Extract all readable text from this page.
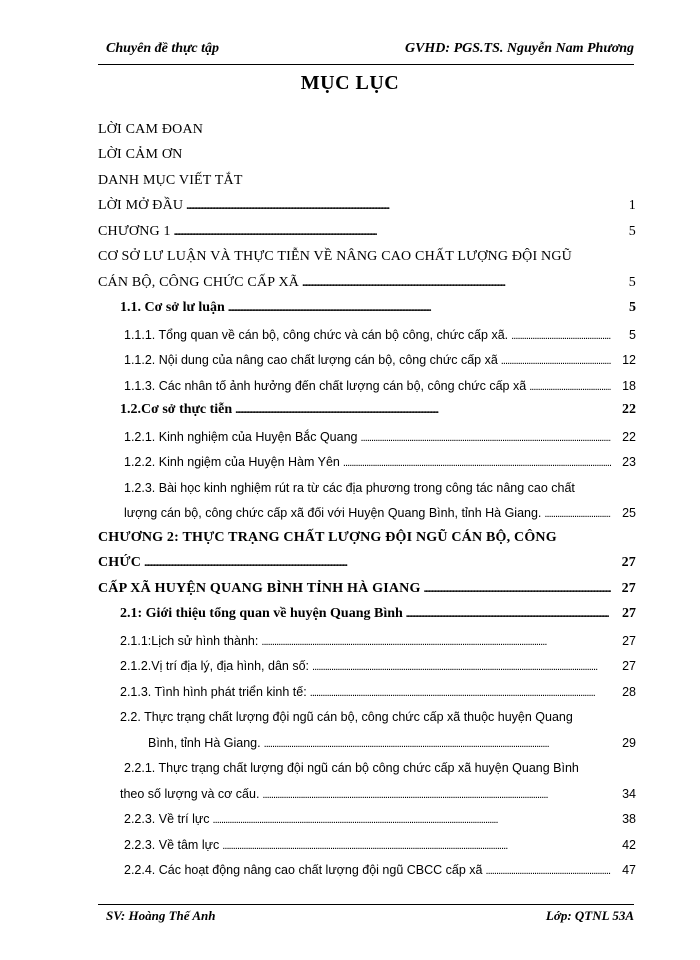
Chuyên đề thực tập	GVHD: PGS.TS. Nguyễn Nam Phương
MỤC LỤC
LỜI CAM ĐOAN
LỜI CẢM ƠN
DANH MỤC VIẾT TẮT
LỜI MỞ ĐẦU . . .	1
CHƯƠNG 1 . . .	5
CƠ SỞ LƯ LUẬN VÀ THỰC TIỄN VỀ NÂNG CAO CHẤT LƯỢNG ĐỘI NGŨ
CÁN BỘ, CÔNG CHỨC CẤP XÃ . . .	5
1.1. Cơ sở lư luận . . .	5
1.1.1. Tổng quan về cán bộ, công chức và cán bộ công, chức cấp xã. . . .	5
1.1.2. Nội dung của nâng cao chất lượng cán bộ, công chức cấp xã . . .	12
1.1.3. Các nhân tố ảnh hưởng đến chất lượng cán bộ, công chức cấp xã . . .	18
1.2.Cơ sở thực tiễn . . .	22
1.2.1. Kinh nghiệm của Huyện Bắc Quang . . .	22
1.2.2. Kinh ngiệm của Huyện Hàm Yên . . .	23
1.2.3. Bài học kinh nghiệm rút ra từ các địa phương trong công tác nâng cao chất
lượng cán bộ, công chức cấp xã đối với Huyện Quang Bình, tỉnh Hà Giang. . . .	25
CHƯƠNG 2: THỰC TRẠNG CHẤT LƯỢNG ĐỘI NGŨ CÁN BỘ, CÔNG
CHỨC . . .	27
CẤP XÃ HUYỆN QUANG BÌNH TỈNH HÀ GIANG . . .	27
2.1: Giới thiệu tổng quan về huyện Quang Bình . . .	27
2.1.1:Lịch sử hình thành: . . .	27
2.1.2.Vị trí địa lý, địa hình, dân số: . . .	27
2.1.3. Tình hình phát triển kinh tế: . . .	28
2.2. Thực trạng chất lượng đội ngũ cán bộ, công chức cấp xã thuộc huyện Quang
Bình, tỉnh Hà Giang. . . .	29
2.2.1. Thực trạng chất lượng đội ngũ cán bộ công chức cấp xã huyện Quang Bình
theo số lượng và cơ cấu. . . .	34
2.2.3. Về trí lực . . .	38
2.2.3. Về tâm lực . . .	42
2.2.4. Các hoạt động nâng cao chất lượng đội ngũ CBCC cấp xã . . .	47
SV: Hoàng Thế Anh	Lớp: QTNL 53A
